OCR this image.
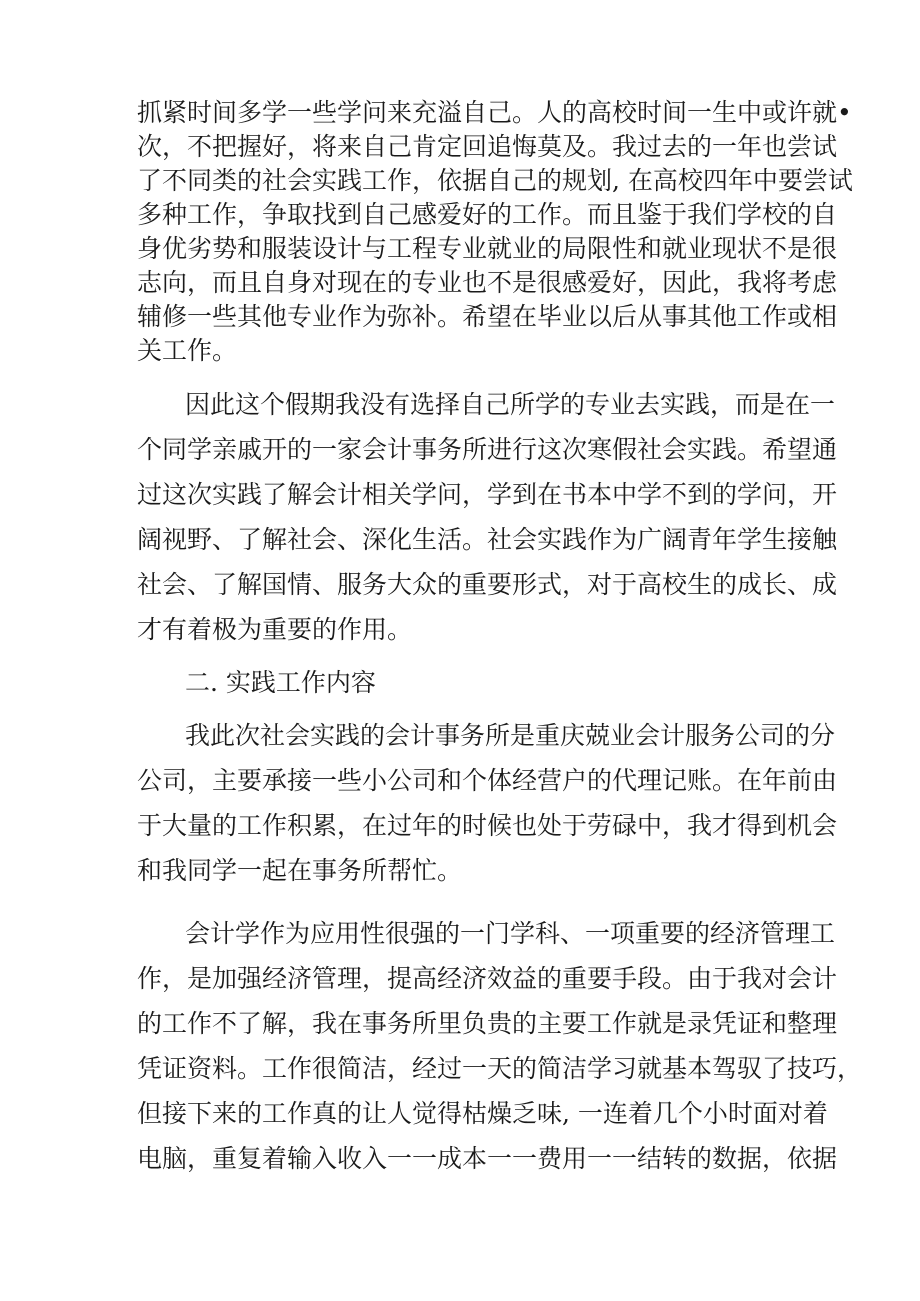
抓紧时间多学一些学问来充溢自己。人的高校时间一生中或许就•
次，不把握好，将来自己肯定回追悔莫及。我过去的一年也尝试
了不同类的社会实践工作，依据自己的规划, 在高校四年中要尝试
多种工作，争取找到自己感爱好的工作。而且鉴于我们学校的自
身优劣势和服装设计与工程专业就业的局限性和就业现状不是很
志向，而且自身对现在的专业也不是很感爱好，因此，我将考虑
辅修一些其他专业作为弥补。希望在毕业以后从事其他工作或相
关工作。
因此这个假期我没有选择自己所学的专业去实践，而是在一
个同学亲戚开的一家会计事务所进行这次寒假社会实践。希望通
过这次实践了解会计相关学问，学到在书本中学不到的学问，开
阔视野、了解社会、深化生活。社会实践作为广阔青年学生接触
社会、了解国情、服务大众的重要形式，对于高校生的成长、成
才有着极为重要的作用。
二. 实践工作内容
我此次社会实践的会计事务所是重庆兢业会计服务公司的分
公司，主要承接一些小公司和个体经营户的代理记账。在年前由
于大量的工作积累，在过年的时候也处于劳碌中，我才得到机会
和我同学一起在事务所帮忙。
会计学作为应用性很强的一门学科、一项重要的经济管理工
作，是加强经济管理，提高经济效益的重要手段。由于我对会计
的工作不了解，我在事务所里负贵的主要工作就是录凭证和整理
凭证资料。工作很简洁，经过一天的简洁学习就基本驾驭了技巧，
但接下来的工作真的让人觉得枯燥乏味, 一连着几个小时面对着
电脑，重复着输入收入一一成本一一费用一一结转的数据，依据
